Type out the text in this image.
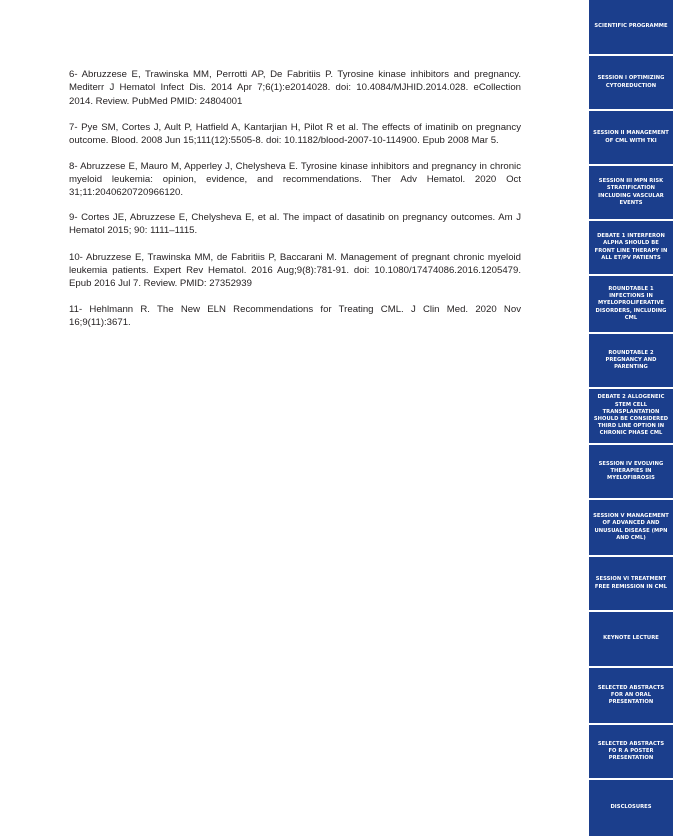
6- Abruzzese E, Trawinska MM, Perrotti AP, De Fabritiis P. Tyrosine kinase inhibitors and pregnancy. Mediterr J Hematol Infect Dis. 2014 Apr 7;6(1):e2014028. doi: 10.4084/MJHID.2014.028. eCollection 2014. Review. PubMed PMID: 24804001

7- Pye SM, Cortes J, Ault P, Hatfield A, Kantarjian H, Pilot R et al. The effects of imatinib on pregnancy outcome. Blood. 2008 Jun 15;111(12):5505-8. doi: 10.1182/blood-2007-10-114900. Epub 2008 Mar 5.

8- Abruzzese E, Mauro M, Apperley J, Chelysheva E. Tyrosine kinase inhibitors and pregnancy in chronic myeloid leukemia: opinion, evidence, and recommendations. Ther Adv Hematol. 2020 Oct 31;11:2040620720966120.

9- Cortes JE, Abruzzese E, Chelysheva E, et al. The impact of dasatinib on pregnancy outcomes. Am J Hematol 2015; 90: 1111–1115.

10- Abruzzese E, Trawinska MM, de Fabritiis P, Baccarani M. Management of pregnant chronic myeloid leukemia patients. Expert Rev Hematol. 2016 Aug;9(8):781-91. doi: 10.1080/17474086.2016.1205479. Epub 2016 Jul 7. Review. PMID: 27352939

11- Hehlmann R. The New ELN Recommendations for Treating CML. J Clin Med. 2020 Nov 16;9(11):3671.

SCIENTIFIC PROGRAMME
SESSION I OPTIMIZING CYTOREDUCTION
SESSION II MANAGEMENT OF CML WITH TKI
SESSION III MPN RISK STRATIFICATION INCLUDING VASCULAR EVENTS
DEBATE 1 INTERFERON ALPHA SHOULD BE FRONT LINE THERAPY IN ALL ET/PV PATIENTS
ROUNDTABLE 1 INFECTIONS IN MYELOPROLIFERATIVE DISORDERS, INCLUDING CML
ROUNDTABLE 2 PREGNANCY AND PARENTING
DEBATE 2 ALLOGENEIC STEM CELL TRANSPLANTATION SHOULD BE CONSIDERED THIRD LINE OPTION IN CHRONIC PHASE CML
SESSION IV EVOLVING THERAPIES IN MYELOFIBROSIS
SESSION V MANAGEMENT OF ADVANCED AND UNUSUAL DISEASE (MPN AND CML)
SESSION VI TREATMENT FREE REMISSION IN CML
KEYNOTE LECTURE
SELECTED ABSTRACTS FOR AN ORAL PRESENTATION
SELECTED ABSTRACTS FO R A POSTER PRESENTATION
DISCLOSURES
